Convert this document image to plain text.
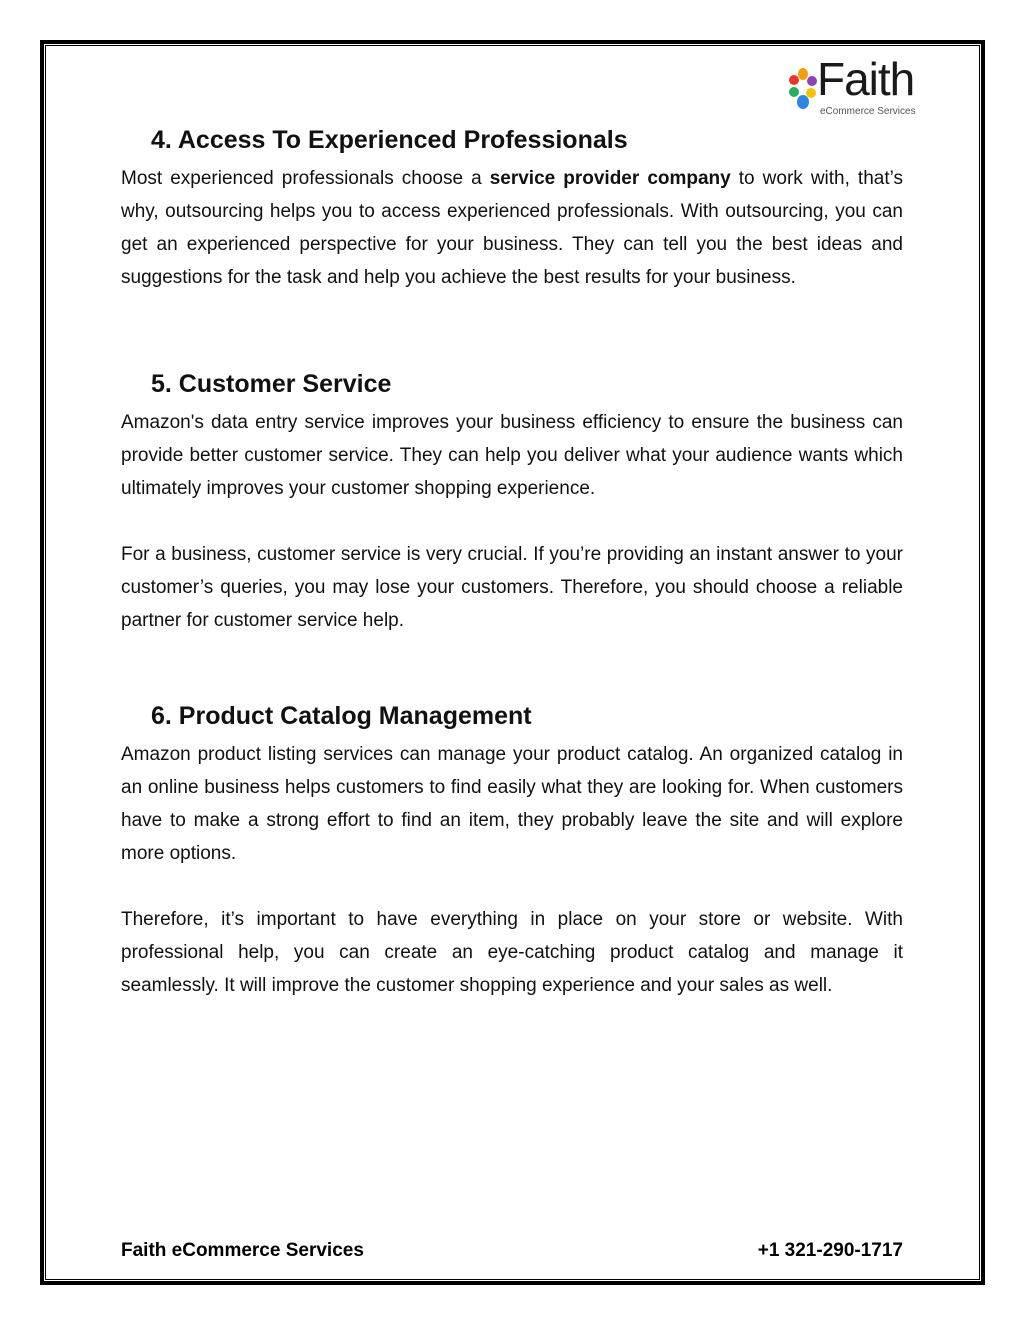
Faith
eCommerce Services
4. Access To Experienced Professionals

Most experienced professionals choose a service provider company to work with, that’s why, outsourcing helps you to access experienced professionals. With outsourcing, you can get an experienced perspective for your business. They can tell you the best ideas and suggestions for the task and help you achieve the best results for your business.

5. Customer Service

Amazon's data entry service improves your business efficiency to ensure the business can provide better customer service. They can help you deliver what your audience wants which ultimately improves your customer shopping experience.

For a business, customer service is very crucial. If you’re providing an instant answer to your customer’s queries, you may lose your customers. Therefore, you should choose a reliable partner for customer service help.

6. Product Catalog Management

Amazon product listing services can manage your product catalog. An organized catalog in an online business helps customers to find easily what they are looking for. When customers have to make a strong effort to find an item, they probably leave the site and will explore more options.

Therefore, it’s important to have everything in place on your store or website. With professional help, you can create an eye-catching product catalog and manage it seamlessly. It will improve the customer shopping experience and your sales as well.

Faith eCommerce Services	+1 321-290-1717
